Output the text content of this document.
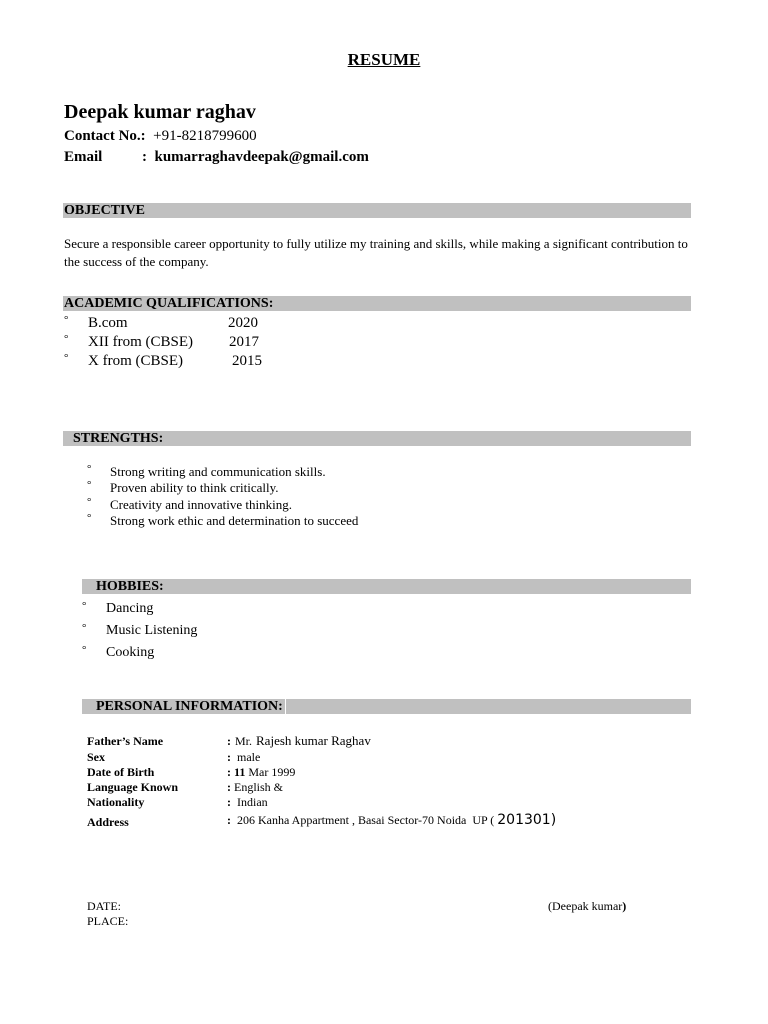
RESUME
Deepak kumar raghav
Contact No.: +91-8218799600
Email	: kumarraghavdeepak@gmail.com
OBJECTIVE
Secure a responsible career opportunity to fully utilize my training and skills, while making a significant contribution to the success of the company.
ACADEMIC QUALIFICATIONS:
° B.com	2020
° XII from (CBSE) 2017
° X from (CBSE)	2015
STRENGTHS:
° Strong writing and communication skills.
° Proven ability to think critically.
° Creativity and innovative thinking.
° Strong work ethic and determination to succeed
HOBBIES:
° Dancing
° Music Listening
° Cooking
PERSONAL INFORMATION:
Father’s Name	: Mr. Rajesh kumar Raghav
Sex	: male
Date of Birth	: 11 Mar 1999
Language Known	: English &
Nationality	: Indian
Address	: 206 Kanha Appartment , Basai Sector-70 Noida  UP ( 201301)
DATE:
PLACE:
(Deepak kumar)
